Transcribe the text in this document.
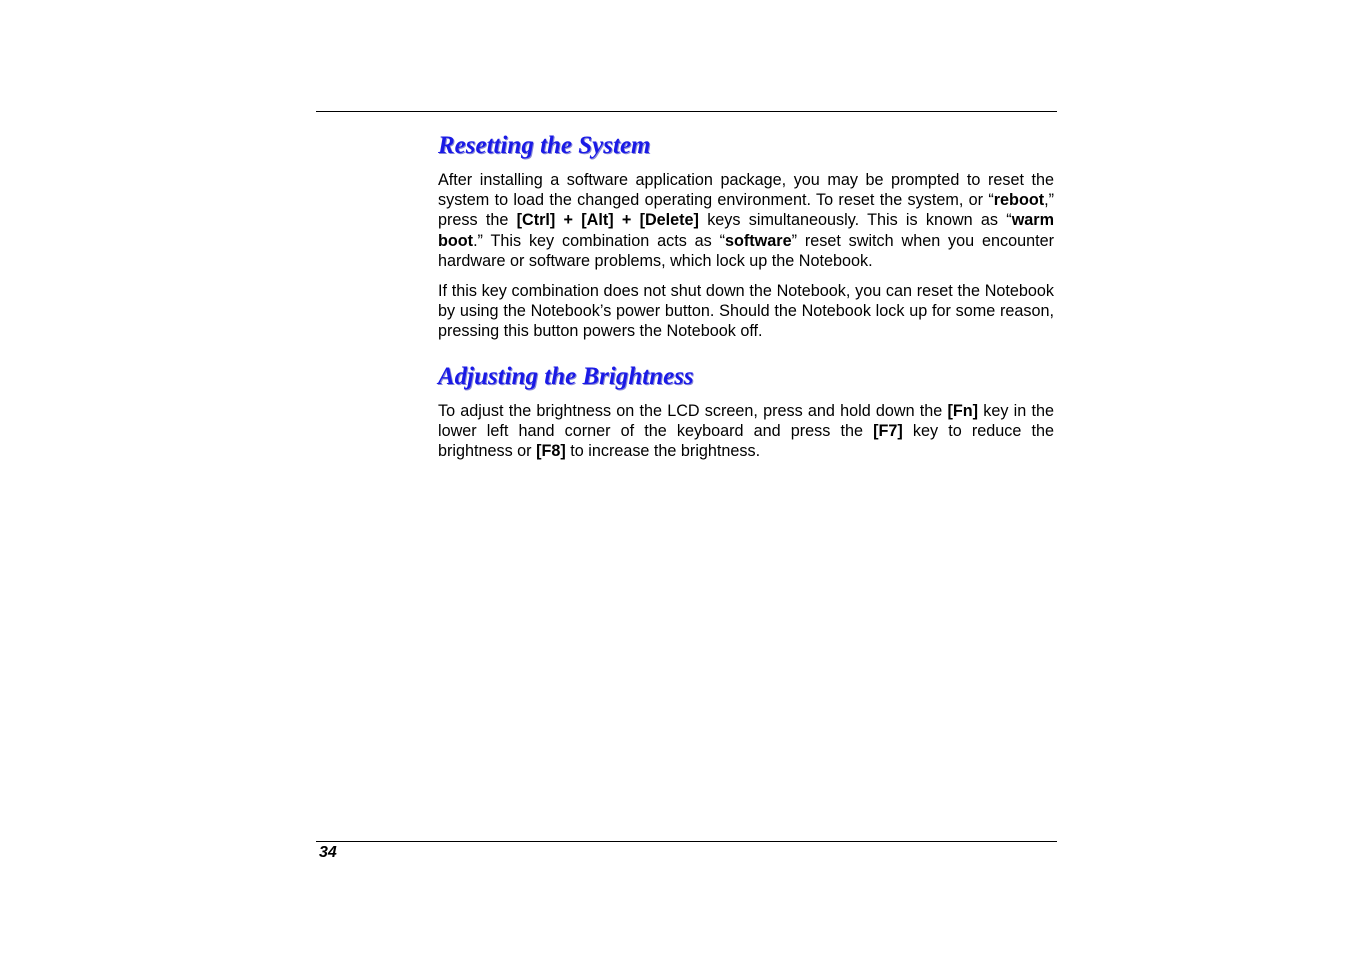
Resetting the System

After installing a software application package, you may be prompted to reset the system to load the changed operating environment. To reset the system, or “reboot,” press the [Ctrl] + [Alt] + [Delete] keys simultaneously. This is known as “warm boot.” This key combination acts as “software” reset switch when you encounter hardware or software problems, which lock up the Notebook.

If this key combination does not shut down the Notebook, you can reset the Notebook by using the Notebook’s power button. Should the Notebook lock up for some reason, pressing this button powers the Notebook off.

Adjusting the Brightness

To adjust the brightness on the LCD screen, press and hold down the [Fn] key in the lower left hand corner of the keyboard and press the [F7] key to reduce the brightness or [F8] to increase the brightness.

34
